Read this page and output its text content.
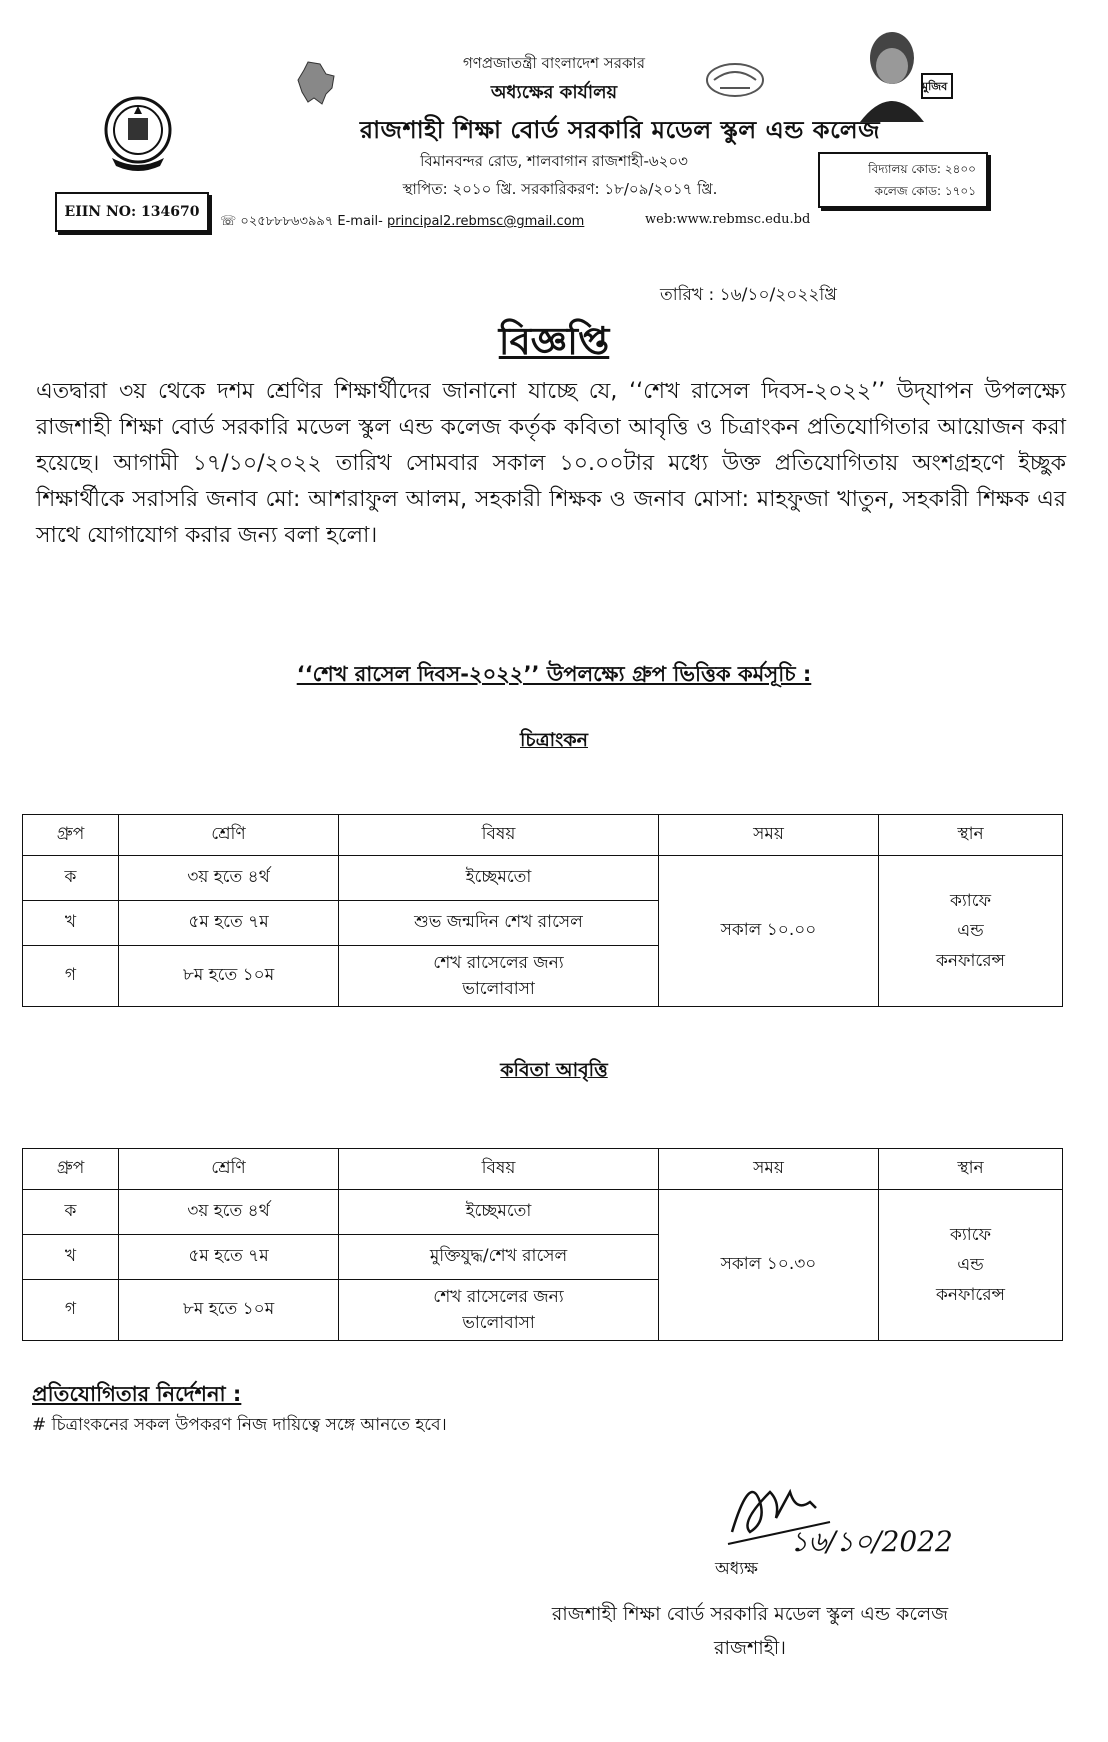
মুজিব
গণপ্রজাতন্ত্রী বাংলাদেশ সরকার
অধ্যক্ষের কার্যালয়
রাজশাহী শিক্ষা বোর্ড সরকারি মডেল স্কুল এন্ড কলেজ
বিমানবন্দর রোড, শালবাগান রাজশাহী-৬২০৩
স্থাপিত: ২০১০ খ্রি. সরকারিকরণ: ১৮/০৯/২০১৭ খ্রি.
☏ ০২৫৮৮৮৬৩৯৯৭ E-mail- principal2.rebmsc@gmail.com	web:www.rebmsc.edu.bd
EIIN NO: 134670
বিদ্যালয় কোড: ২৪০০
কলেজ কোড: ১৭০১
তারিখ : ১৬/১০/২০২২খ্রি
বিজ্ঞপ্তি
এতদ্বারা ৩য় থেকে দশম শ্রেণির শিক্ষার্থীদের জানানো যাচ্ছে যে, ‘‘শেখ রাসেল দিবস-২০২২’’ উদ্‌যাপন উপলক্ষ্যে রাজশাহী শিক্ষা বোর্ড সরকারি মডেল স্কুল এন্ড কলেজ কর্তৃক কবিতা আবৃত্তি ও চিত্রাংকন প্রতিযোগিতার আয়োজন করা হয়েছে। আগামী ১৭/১০/২০২২ তারিখ সোমবার সকাল ১০.০০টার মধ্যে উক্ত প্রতিযোগিতায় অংশগ্রহণে ইচ্ছুক শিক্ষার্থীকে সরাসরি জনাব মো: আশরাফুল আলম, সহকারী শিক্ষক ও জনাব মোসা: মাহফুজা খাতুন, সহকারী শিক্ষক এর সাথে যোগাযোগ করার জন্য বলা হলো।
‘‘শেখ রাসেল দিবস-২০২২’’ উপলক্ষ্যে গ্রুপ ভিত্তিক কর্মসূচি :
চিত্রাংকন
গ্রুপ	শ্রেণি	বিষয়	সময়	স্থান
ক	৩য় হতে ৪র্থ	ইচ্ছেমতো	সকাল ১০.০০	ক্যাফে
এন্ড
কনফারেন্স
খ	৫ম হতে ৭ম	শুভ জন্মদিন শেখ রাসেল		
গ	৮ম হতে ১০ম	শেখ রাসেলের জন্য
ভালোবাসা		
কবিতা আবৃত্তি
গ্রুপ	শ্রেণি	বিষয়	সময়	স্থান
ক	৩য় হতে ৪র্থ	ইচ্ছেমতো	সকাল ১০.৩০	ক্যাফে
এন্ড
কনফারেন্স
খ	৫ম হতে ৭ম	মুক্তিযুদ্ধ/শেখ রাসেল		
গ	৮ম হতে ১০ম	শেখ রাসেলের জন্য
ভালোবাসা		
প্রতিযোগিতার নির্দেশনা :
# চিত্রাংকনের সকল উপকরণ নিজ দায়িত্বে সঙ্গে আনতে হবে।
১৬/১০/2022
অধ্যক্ষ
রাজশাহী শিক্ষা বোর্ড সরকারি মডেল স্কুল এন্ড কলেজ
রাজশাহী।
